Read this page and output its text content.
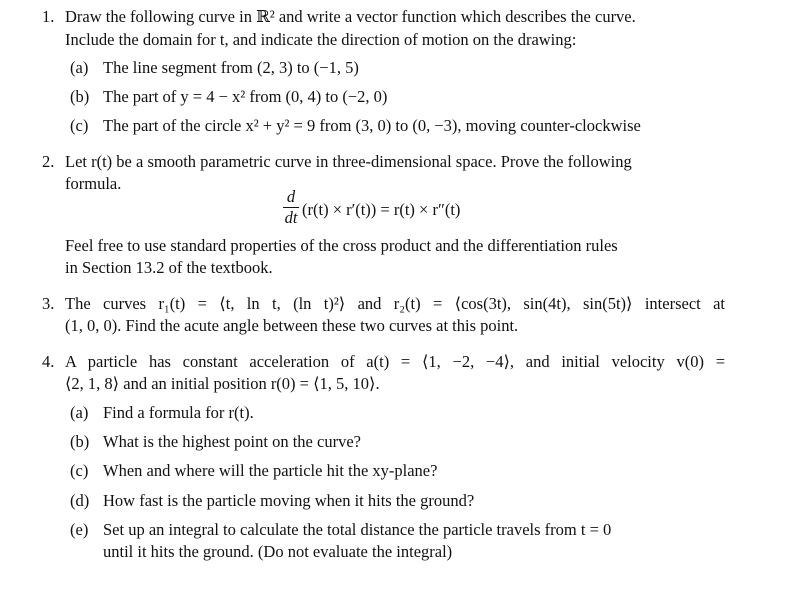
1. Draw the following curve in ℝ² and write a vector function which describes the curve.
Include the domain for t, and indicate the direction of motion on the drawing:
(a) The line segment from (2, 3) to (−1, 5)
(b) The part of y = 4 − x² from (0, 4) to (−2, 0)
(c) The part of the circle x² + y² = 9 from (3, 0) to (0, −3), moving counter-clockwise
2. Let r(t) be a smooth parametric curve in three-dimensional space. Prove the following
formula.
d
dt (r(t) × r′(t)) = r(t) × r″(t)
Feel free to use standard properties of the cross product and the differentiation rules
in Section 13.2 of the textbook.
3. The curves r₁(t) = ⟨t, ln t, (ln t)²⟩ and r₂(t) = ⟨cos(3t), sin(4t), sin(5t)⟩ intersect at
(1, 0, 0). Find the acute angle between these two curves at this point.
4. A particle has constant acceleration of a(t) = ⟨1, −2, −4⟩, and initial velocity v(0) =
⟨2, 1, 8⟩ and an initial position r(0) = ⟨1, 5, 10⟩.
(a) Find a formula for r(t).
(b) What is the highest point on the curve?
(c) When and where will the particle hit the xy-plane?
(d) How fast is the particle moving when it hits the ground?
(e) Set up an integral to calculate the total distance the particle travels from t = 0
until it hits the ground. (Do not evaluate the integral)
